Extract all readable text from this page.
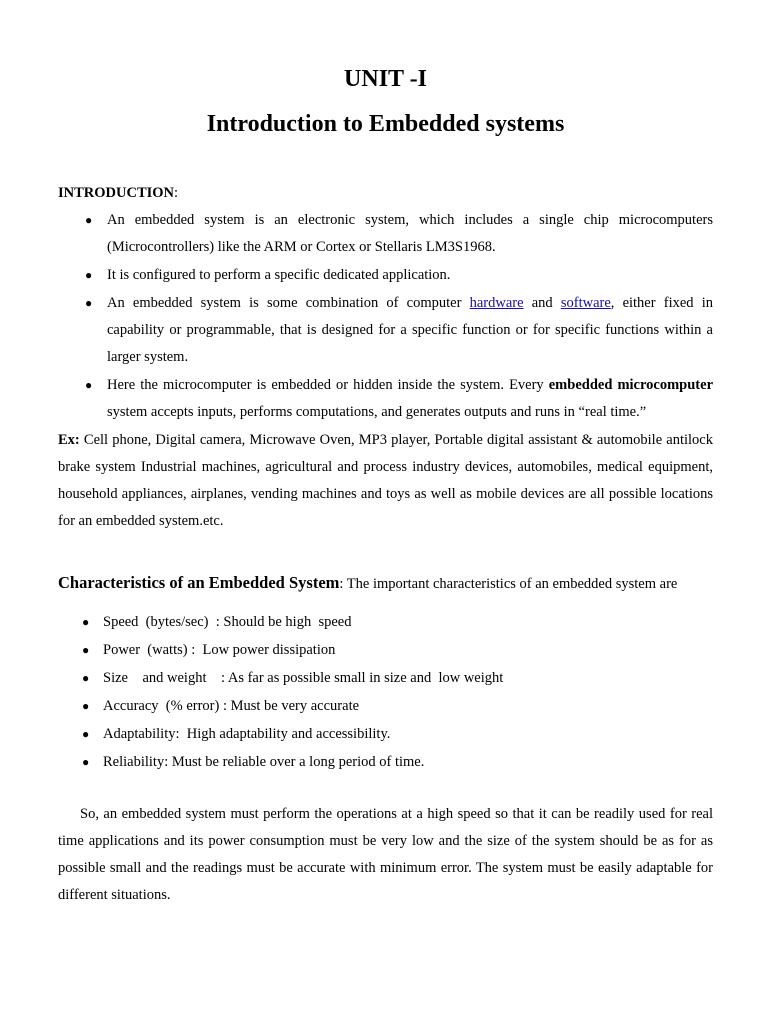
UNIT -I
Introduction to Embedded systems
INTRODUCTION:
● An embedded system is an electronic system, which includes a single chip microcomputers (Microcontrollers) like the ARM or Cortex or Stellaris LM3S1968.
● It is configured to perform a specific dedicated application.
● An embedded system is some combination of computer hardware and software, either fixed in capability or programmable, that is designed for a specific function or for specific functions within a larger system.
● Here the microcomputer is embedded or hidden inside the system. Every embedded microcomputer system accepts inputs, performs computations, and generates outputs and runs in “real time.”

Ex: Cell phone, Digital camera, Microwave Oven, MP3 player, Portable digital assistant & automobile antilock brake system Industrial machines, agricultural and process industry devices, automobiles, medical equipment, household appliances, airplanes, vending machines and toys as well as mobile devices are all possible locations for an embedded system.etc.

Characteristics of an Embedded System: The important characteristics of an embedded system are
● Speed  (bytes/sec)  : Should be high  speed
● Power  (watts) :  Low power dissipation
● Size    and weight    : As far as possible small in size and  low weight
● Accuracy  (% error) : Must be very accurate
● Adaptability:  High adaptability and accessibility.
● Reliability: Must be reliable over a long period of time.

So, an embedded system must perform the operations at a high speed so that it can be readily used for real time applications and its power consumption must be very low and the size of the system should be as for as possible small and the readings must be accurate with minimum error. The system must be easily adaptable for different situations.
